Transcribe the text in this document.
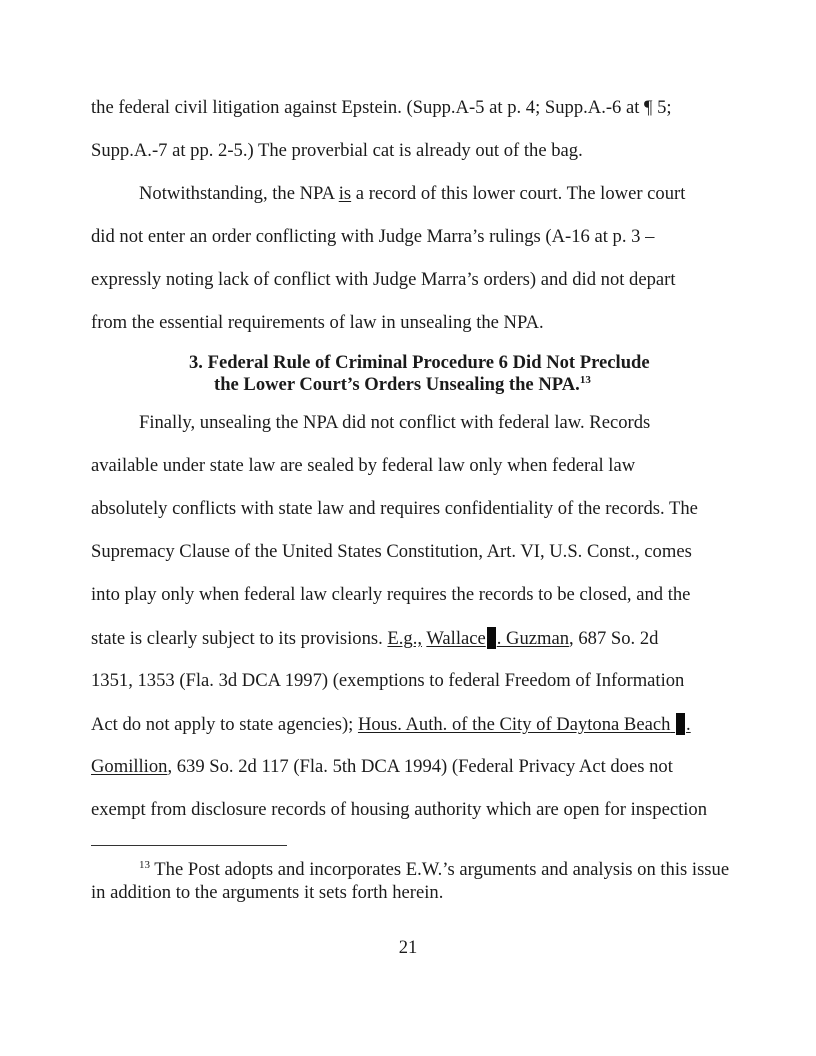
the federal civil litigation against Epstein. (Supp.A-5 at p. 4; Supp.A.-6 at ¶ 5;
Supp.A.-7 at pp. 2-5.) The proverbial cat is already out of the bag.
Notwithstanding, the NPA is a record of this lower court. The lower court
did not enter an order conflicting with Judge Marra’s rulings (A-16 at p. 3 –
expressly noting lack of conflict with Judge Marra’s orders) and did not depart
from the essential requirements of law in unsealing the NPA.
3. Federal Rule of Criminal Procedure 6 Did Not Preclude
the Lower Court’s Orders Unsealing the NPA.$^{13}$
Finally, unsealing the NPA did not conflict with federal law. Records
available under state law are sealed by federal law only when federal law
absolutely conflicts with state law and requires confidentiality of the records. The
Supremacy Clause of the United States Constitution, Art. VI, U.S. Const., comes
into play only when federal law clearly requires the records to be closed, and the
state is clearly subject to its provisions. E.g., Wallace . Guzman, 687 So. 2d
1351, 1353 (Fla. 3d DCA 1997) (exemptions to federal Freedom of Information
Act do not apply to state agencies); Hous. Auth. of the City of Daytona Beach .
Gomillion, 639 So. 2d 117 (Fla. 5th DCA 1994) (Federal Privacy Act does not
exempt from disclosure records of housing authority which are open for inspection
$^{13}$ The Post adopts and incorporates E.W.’s arguments and analysis on this issue
in addition to the arguments it sets forth herein.
21
